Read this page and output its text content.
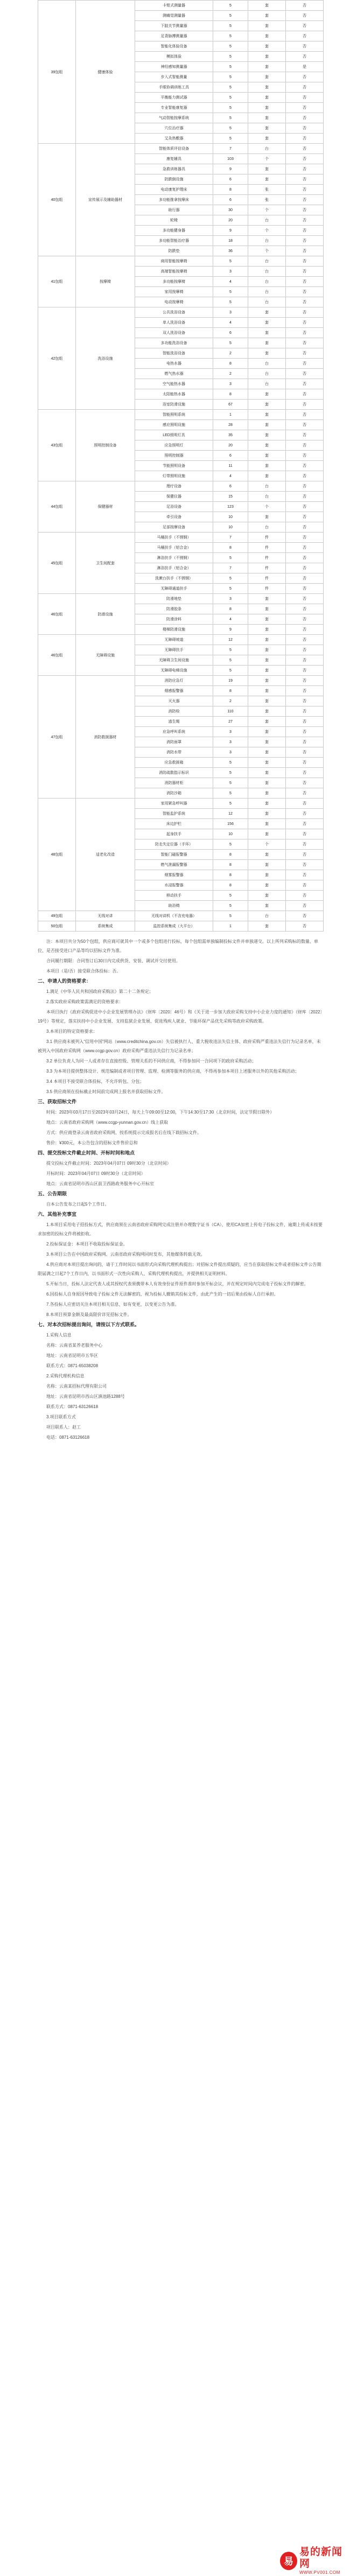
39包组	健康体验	卡钳式测量器	5	套	否
		测痛觉测量器	5	套	否
		下肢关节测量器	5	套	否
		足背脉搏测量器	5	套	否
		智能化体验设备	5	套	否
		模拟体验	5	套	否
		神经感知测量器	5	套	是
		步入式智能测量	5	套	否
		手眼协调训练工具	5	套	否
		平衡能力测试器	5	套	否
		专业智能康复器	5	套	否
		气动智能按摩系统	5	套	否
		穴位治疗器	5	套	否
		艾灸热敷器	5	套	否
40包组	宣传展示及辅助器材	智能体质评估设备	7	台	否
		康复辅具	103	个	否
		急救训练器具	9	套	否
		防跌倒设施	6	套	否
		电动康复护理床	8	张	否
		多功能推拿按摩床	6	张	否
		助行器	30	个	否
		轮椅	20	台	否
		多功能健身器	9	个	否
		多功能智能治疗器	18	台	否
		防跌垫	36	个	否
41包组	按摩椅	商用智能按摩椅	5	台	否
		高端智能按摩椅	3	台	否
		多功能按摩椅	4	台	否
		家用按摩椅	5	台	否
		电动按摩椅	5	台	否
42包组	洗浴设施	公共洗浴设备	3	套	否
		单人洗浴设备	4	套	否
		双人洗浴设备	6	套	否
		多功能洗浴设备	5	套	否
		智能洗浴设备	2	套	否
		电热水器	8	台	否
		燃气热水器	2	台	否
		空气能热水器	3	台	否
		太阳能热水器	8	套	否
		浴室防滑设施	67	套	否
43包组	照明控制设备	智能照明系统	1	套	否
		感应照明设施	28	套	否
		LED照明灯具	35	套	否
		应急照明灯	20	套	否
		照明控制器	6	套	否
		节能照明设备	11	套	否
		灯带照明设施	4	套	否
44包组	保健器材	理疗设备	6	台	否
		保健仪器	15	台	否
		足浴设备	123	个	否
		牵引设备	10	套	否
		足部按摩设备	10	台	否
45包组	卫生间配套	马桶扶手（不锈钢）	7	件	否
		马桶扶手（铝合金）	8	件	否
		淋浴扶手（不锈钢）	5	件	否
		淋浴扶手（铝合金）	7	件	否
		洗漱台扶手（不锈钢）	5	件	否
		无障碍通道扶手	5	件	否
46包组	防滑设施	防滑地垫	3	套	否
		防滑胶条	8	套	否
		防滑涂料	4	套	否
		楼梯防滑设施	9	套	否
46包组	无障碍设施	无障碍坡道	12	套	否
		无障碍扶手	5	套	否
		无障碍卫生间设施	5	套	否
		无障碍电梯设施	5	套	否
47包组	消防救援器材	消防应急灯	19	套	否
		烟感报警器	8	套	否
		灭火器	2	套	否
		消防栓	110	套	否
		逃生绳	27	套	否
		应急呼叫系统	3	套	否
		消防面罩	3	套	否
		消防水带	3	套	否
		应急救援箱	5	套	否
		消防疏散指示标识	5	套	否
		消防器材柜	5	套	否
		消防沙箱	5	套	否
48包组	适老化改造	家用紧急呼叫器	5	套	否
		智能监护系统	12	套	否
		床边护栏	156	套	否
		起身扶手	10	套	否
		防走失定位器（手环）	5	个	否
		智能门磁报警器	8	套	否
		燃气泄漏报警器	8	套	否
		烟雾报警器	8	套	否
		水浸报警器	8	套	否
		移动扶手	5	套	否
		助浴椅	5	套	否
49包组	无线对讲	无线对讲机（不含充电器）	5	台	否
50包组	系统集成	监控系统集成（大平台）	1	套	否

注：本项目共分为50个包组，供应商可就其中一个或多个包组进行投标，每个包组需单独编制投标文件并单独递交。以上所列采购标的数量、单位、是否接受进口产品等均以招标文件为准。

合同履行期限：合同签订后30日内完成供货、安装、调试并交付使用。

本项目（是/否）接受联合体投标：否。

二、申请人的资格要求：

1.满足《中华人民共和国政府采购法》第二十二条规定；

2.落实政府采购政策需满足的资格要求：

本项目执行《政府采购促进中小企业发展管理办法》（财库〔2020〕46号）和《关于进一步加大政府采购支持中小企业力度的通知》（财库〔2022〕19号）等规定，落实扶持中小企业发展、支持监狱企业发展、促进残疾人就业、节能环保产品优先采购等政府采购政策。

3.本项目的特定资格要求：

3.1 供应商未被列入“信用中国”网站（www.creditchina.gov.cn）失信被执行人、重大税收违法失信主体、政府采购严重违法失信行为记录名单，未被列入中国政府采购网（www.ccgp.gov.cn）政府采购严重违法失信行为记录名单；

3.2 单位负责人为同一人或者存在直接控股、管理关系的不同供应商，不得参加同一合同项下的政府采购活动；

3.3 为本项目提供整体设计、规范编制或者项目管理、监理、检测等服务的供应商，不得再参加本项目上述服务以外的其他采购活动；

3.4 本项目不接受联合体投标，不允许转包、分包；

3.5 供应商须在投标截止时间前完成网上报名并获取招标文件。

三、获取招标文件

时间：2023年03月17日至2023年03月24日，每天上午09:00至12:00，下午14:30至17:30（北京时间，法定节假日除外）

地点：云南省政府采购网（www.ccgp-yunnan.gov.cn）线上获取

方式：供应商登录云南省政府采购网，按系统提示完成报名后在线下载招标文件。

售价：¥300元，本公告包含的招标文件售价总和

四、提交投标文件截止时间、开标时间和地点

提交投标文件截止时间：2023年04月07日 09时30分（北京时间）

开标时间：2023年04月07日 09时30分（北京时间）

地点：云南省昆明市西山区前卫西路政务服务中心开标室

五、公告期限

自本公告发布之日起5个工作日。

六、其他补充事宜

1.本项目采用电子招投标方式，供应商须在云南省政府采购网完成注册并办理数字证书（CA），使用CA加密上传电子投标文件，逾期上传或未按要求加密的投标文件将被拒收。

2.投标保证金：本项目不收取投标保证金。

3.本项目公告在中国政府采购网、云南省政府采购网同时发布，其他媒体转载无效。

4.供应商对本项目提出询问的，请于工作时间以书面形式向采购代理机构提出；对招标文件提出质疑的，应当在获取招标文件或者招标文件公告期限届满之日起7个工作日内，以书面形式一次性向采购人、采购代理机构提出，并提供相关证明材料。

5.开标当日，投标人法定代表人或其授权代表须携带本人有效身份证件原件准时参加开标会议，并在规定时间内完成电子投标文件的解密。

6.因投标人自身原因导致电子投标文件无法解密的，视为投标人撤销其投标文件，由此产生的一切后果由投标人自行承担。

7.各投标人应密切关注本项目相关信息，如有变更，以变更公告为准。

8.本项目预算金额及最高限价详见招标文件。

七、对本次招标提出询问，请按以下方式联系。

1.采购人信息

名称：云南省某养老服务中心

地址：云南省昆明市五华区

联系方式：0871-65038208

2.采购代理机构信息

名称：云南某招标代理有限公司

地址：云南省昆明市西山区滇池路1288号

联系方式：0871-63126618

3.项目联系方式

项目联系人：赵工

电话：0871-63126618

易
易的新闻网
WWW.PV001.COM
